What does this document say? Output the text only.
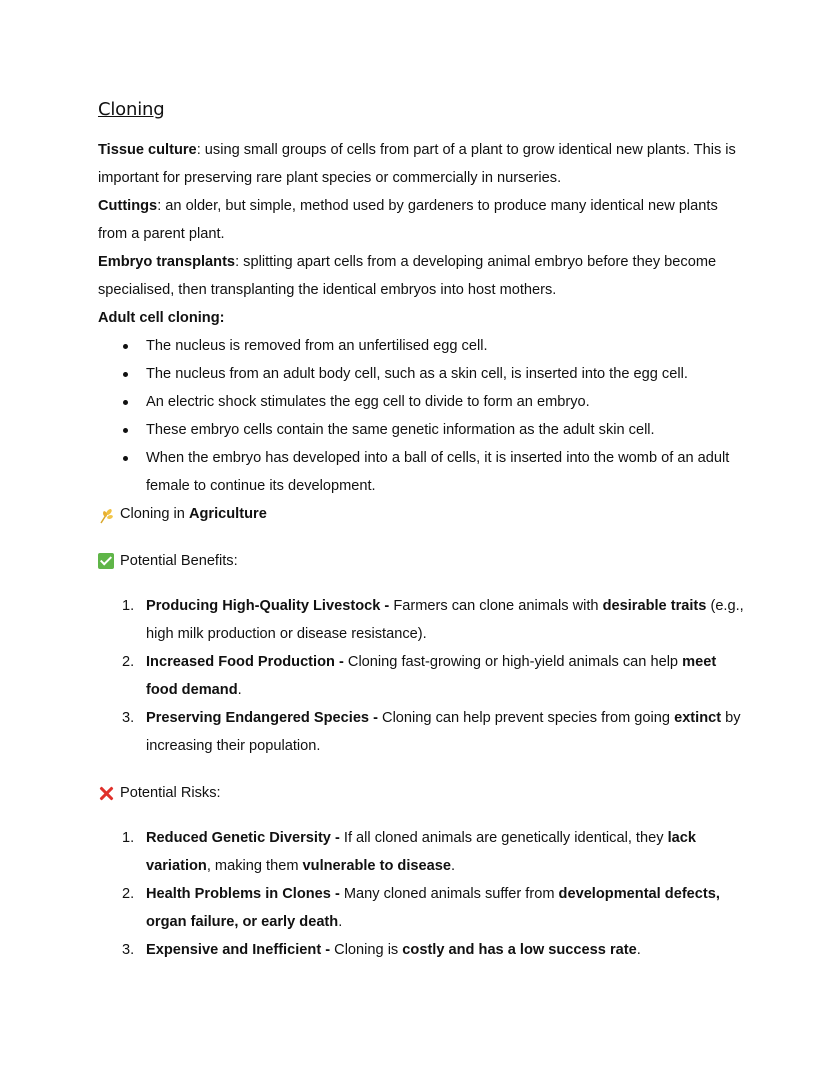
Cloning

Tissue culture: using small groups of cells from part of a plant to grow identical new plants. This is important for preserving rare plant species or commercially in nurseries.

Cuttings: an older, but simple, method used by gardeners to produce many identical new plants from a parent plant.

Embryo transplants: splitting apart cells from a developing animal embryo before they become specialised, then transplanting the identical embryos into host mothers.

Adult cell cloning:

The nucleus is removed from an unfertilised egg cell.
The nucleus from an adult body cell, such as a skin cell, is inserted into the egg cell.
An electric shock stimulates the egg cell to divide to form an embryo.
These embryo cells contain the same genetic information as the adult skin cell.
When the embryo has developed into a ball of cells, it is inserted into the womb of an adult female to continue its development.
Cloning in Agriculture
Potential Benefits:
1. Producing High-Quality Livestock - Farmers can clone animals with desirable traits (e.g., high milk production or disease resistance).
2. Increased Food Production - Cloning fast-growing or high-yield animals can help meet food demand.
3. Preserving Endangered Species - Cloning can help prevent species from going extinct by increasing their population.
Potential Risks:
1. Reduced Genetic Diversity - If all cloned animals are genetically identical, they lack variation, making them vulnerable to disease.
2. Health Problems in Clones - Many cloned animals suffer from developmental defects, organ failure, or early death.
3. Expensive and Inefficient - Cloning is costly and has a low success rate.
